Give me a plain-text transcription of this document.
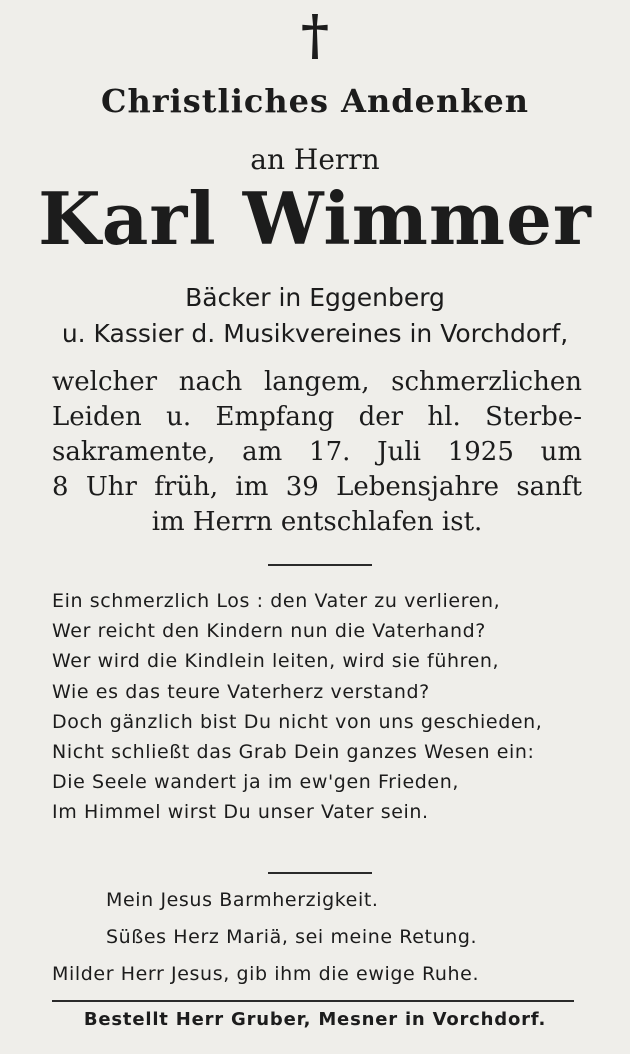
†
Christliches Andenken
an Herrn
Karl Wimmer
Bäcker in Eggenberg
u. Kassier d. Musikvereines in Vorchdorf,
welcher nach langem, schmerzlichen
Leiden u. Empfang der hl. Sterbe-
sakramente, am 17. Juli 1925 um
8 Uhr früh, im 39 Lebensjahre sanft
im Herrn entschlafen ist.
Ein schmerzlich Los : den Vater zu verlieren,
Wer reicht den Kindern nun die Vaterhand?
Wer wird die Kindlein leiten, wird sie führen,
Wie es das teure Vaterherz verstand?
Doch gänzlich bist Du nicht von uns geschieden,
Nicht schließt das Grab Dein ganzes Wesen ein:
Die Seele wandert ja im ew'gen Frieden,
Im Himmel wirst Du unser Vater sein.
Mein Jesus Barmherzigkeit.
Süßes Herz Mariä, sei meine Retung.
Milder Herr Jesus, gib ihm die ewige Ruhe.
Bestellt Herr Gruber, Mesner in Vorchdorf.
